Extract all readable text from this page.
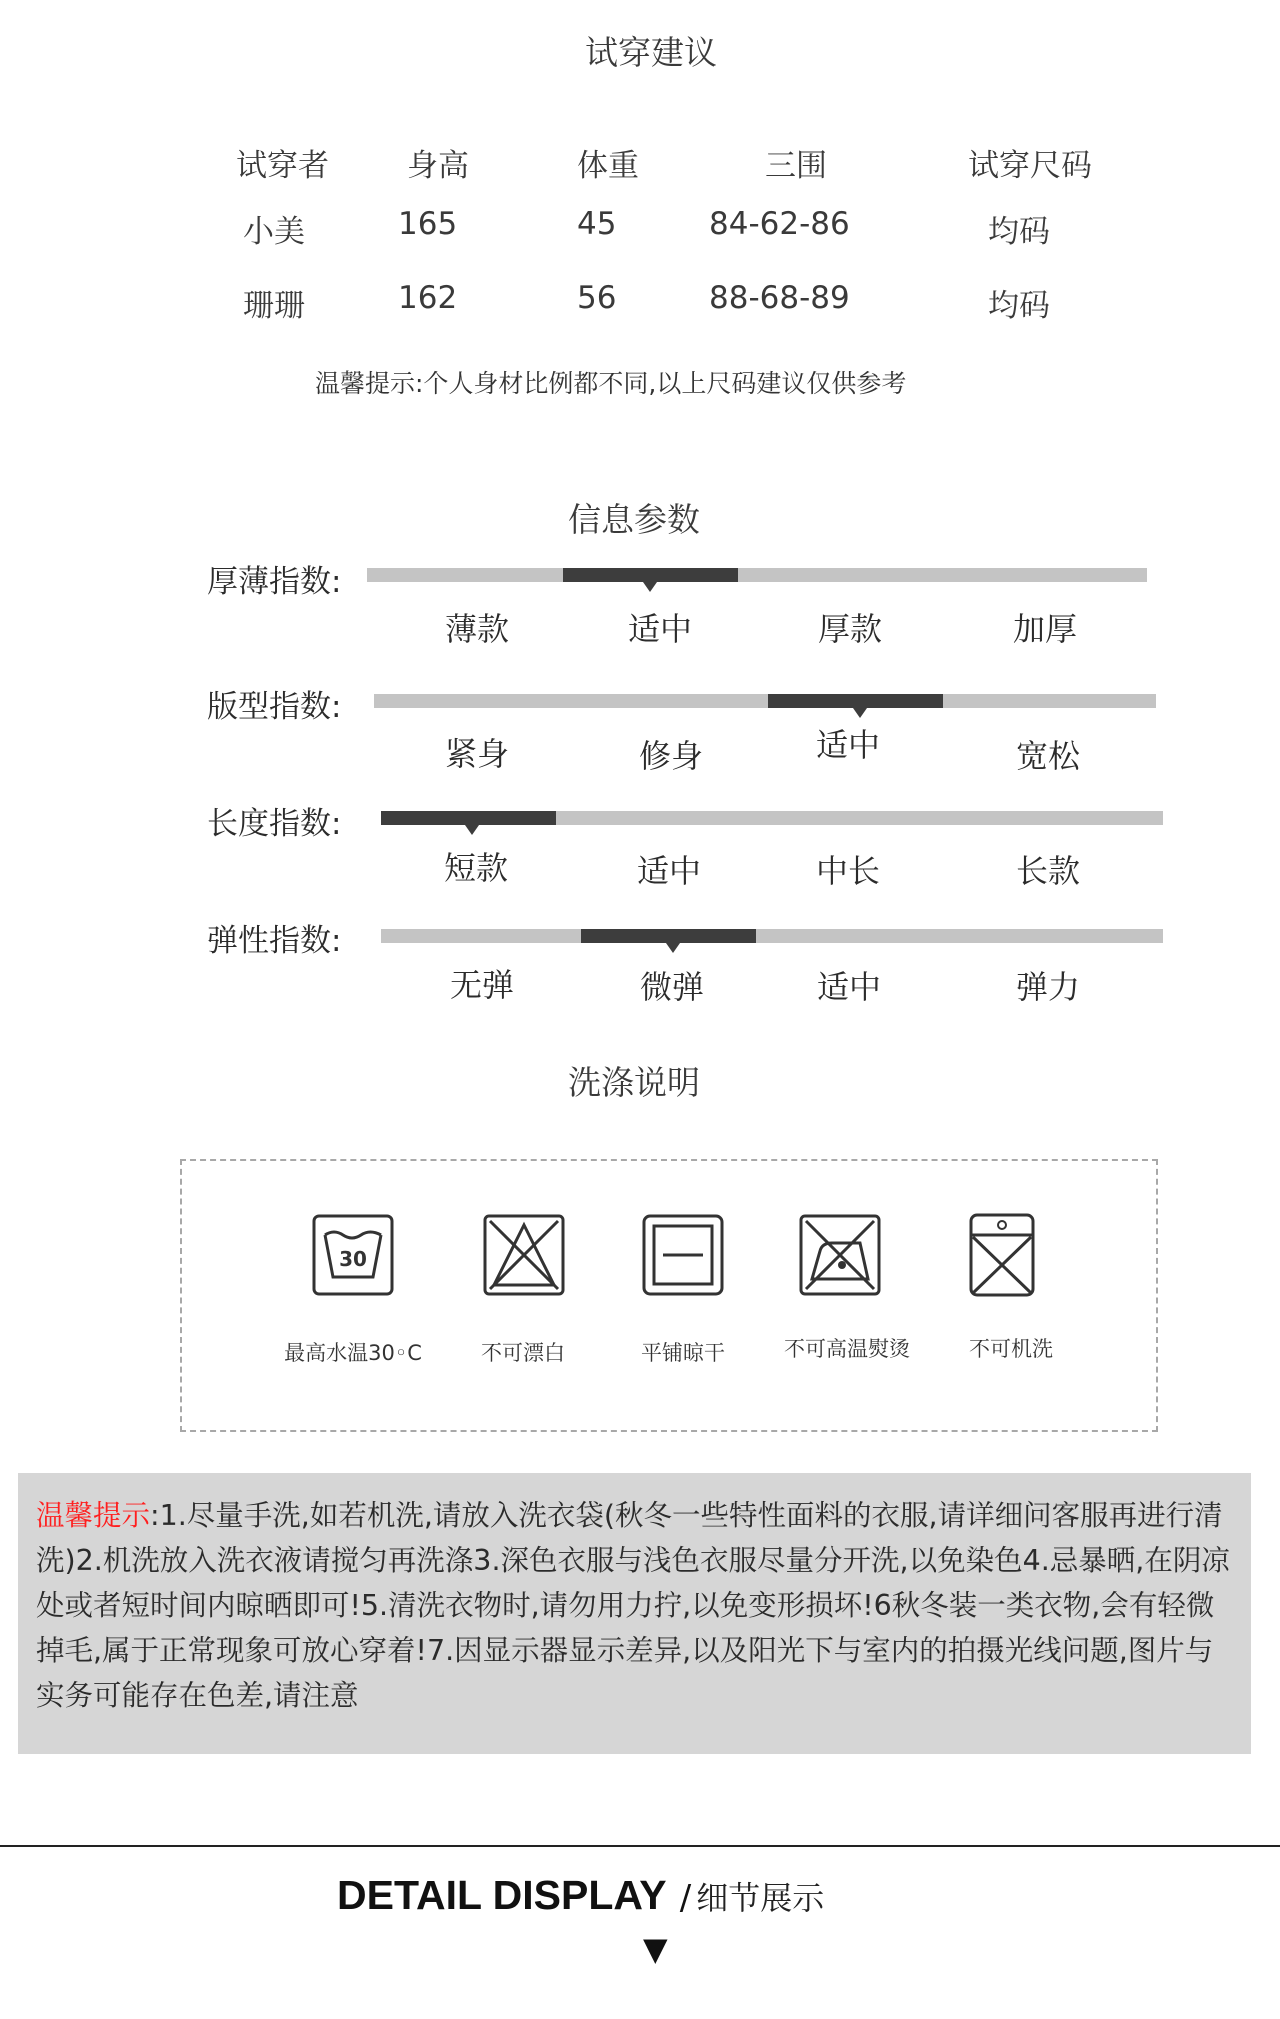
试穿建议
试穿者	身高	体重	三围	试穿尺码
小美	165	45	84-62-86	均码
珊珊	162	56	88-68-89	均码
温馨提示:个人身材比例都不同,以上尺码建议仅供参考
信息参数
厚薄指数:
薄款	适中	厚款	加厚
版型指数:
紧身	修身	适中	宽松
长度指数:
短款	适中	中长	长款
弹性指数:
无弹	微弹	适中	弹力
洗涤说明
30
最高水温30◦C	不可漂白	平铺晾干	不可高温熨烫	不可机洗

温馨提示:1.尽量手洗,如若机洗,请放入洗衣袋(秋冬一些特性面料的衣服,请详细问客服再进行清洗)2.机洗放入洗衣液请搅匀再洗涤3.深色衣服与浅色衣服尽量分开洗,以免染色4.忌暴晒,在阴凉处或者短时间内晾晒即可!5.清洗衣物时,请勿用力拧,以免变形损坏!6秋冬装一类衣物,会有轻微掉毛,属于正常现象可放心穿着!7.因显示器显示差异,以及阳光下与室内的拍摄光线问题,图片与实务可能存在色差,请注意

DETAIL DISPLAY / 细节展示
▼
